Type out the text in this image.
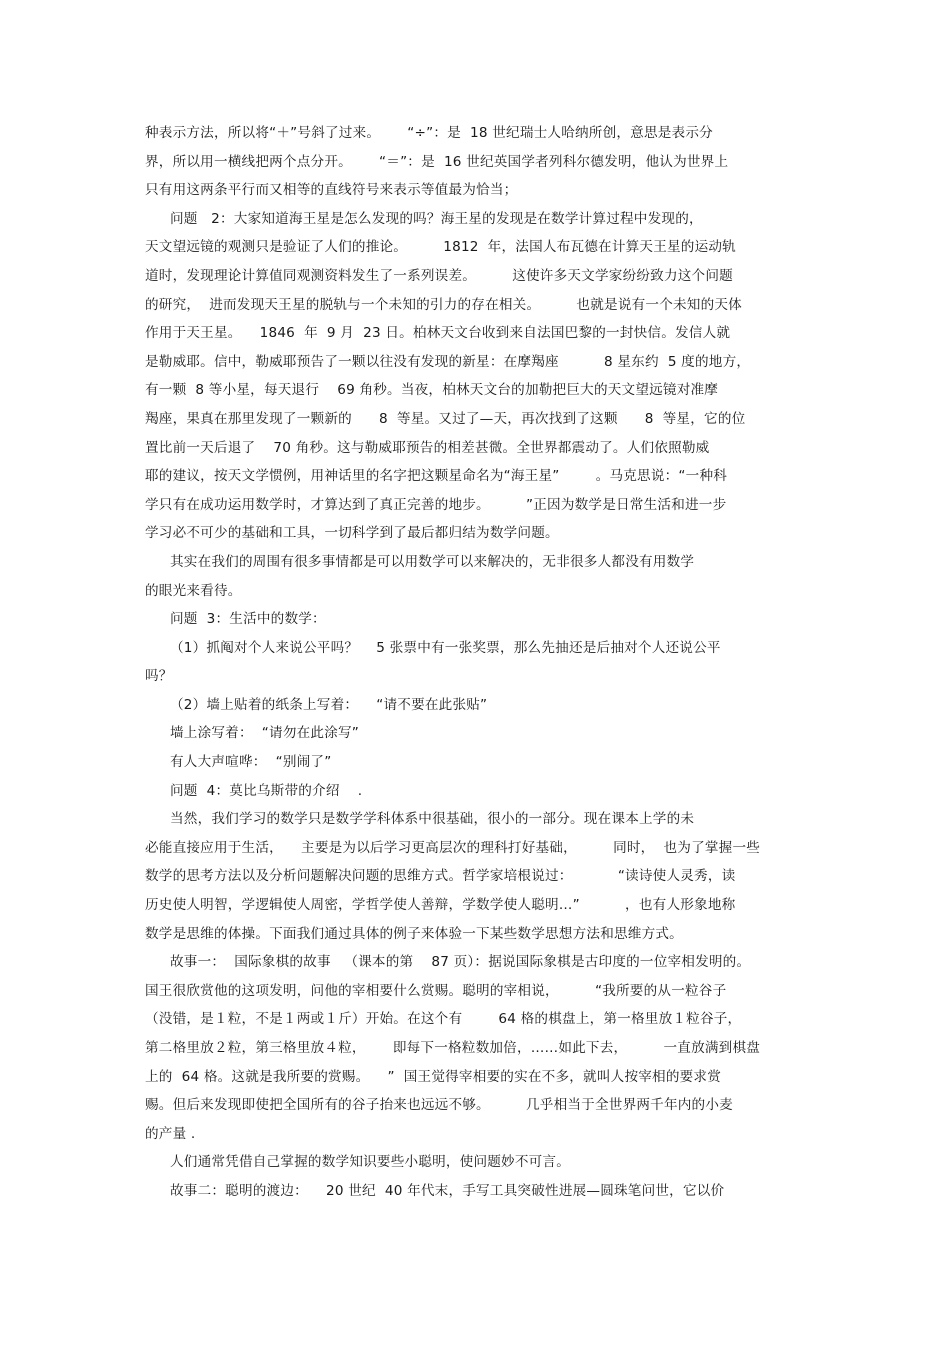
种表示方法，所以将“＋”号斜了过来。      “÷”：是  18 世纪瑞士人哈纳所创，意思是表示分
界，所以用一横线把两个点分开。      “＝”：是  16 世纪英国学者列科尔德发明，他认为世界上
只有用这两条平行而又相等的直线符号来表示等值最为恰当；
问题   2：大家知道海王星是怎么发现的吗？海王星的发现是在数学计算过程中发现的，
天文望远镜的观测只是验证了人们的推论。        1812  年，法国人布瓦德在计算天王星的运动轨
道时，发现理论计算值同观测资料发生了一系列误差。        这使许多天文学家纷纷致力这个问题
的研究，  进而发现天王星的脱轨与一个未知的引力的存在相关。        也就是说有一个未知的天体
作用于天王星。    1846  年  9 月  23 日。柏林天文台收到来自法国巴黎的一封快信。发信人就
是勒威耶。信中，勒威耶预告了一颗以往没有发现的新星：在摩羯座          8 星东约  5 度的地方，
有一颗  8 等小星，每天退行    69 角秒。当夜，柏林天文台的加勒把巨大的天文望远镜对准摩
羯座，果真在那里发现了一颗新的      8  等星。又过了—天，再次找到了这颗      8  等星，它的位
置比前一天后退了    70 角秒。这与勒威耶预告的相差甚微。全世界都震动了。人们依照勒威
耶的建议，按天文学惯例，用神话里的名字把这颗星命名为“海王星”        。马克思说：“一种科
学只有在成功运用数学时，才算达到了真正完善的地步。        ”正因为数学是日常生活和进一步
学习必不可少的基础和工具，一切科学到了最后都归结为数学问题。
其实在我们的周围有很多事情都是可以用数学可以来解决的，无非很多人都没有用数学
的眼光来看待。
问题  3：生活中的数学：
（1）抓阄对个人来说公平吗？    5 张票中有一张奖票，那么先抽还是后抽对个人还说公平
吗？
（2）墙上贴着的纸条上写着：    “请不要在此张贴”
墙上涂写着：  “请勿在此涂写”
有人大声喧哗：  “别闹了”
问题  4：莫比乌斯带的介绍    .
当然，我们学习的数学只是数学学科体系中很基础，很小的一部分。现在课本上学的未
必能直接应用于生活，    主要是为以后学习更高层次的理科打好基础，        同时，  也为了掌握一些
数学的思考方法以及分析问题解决问题的思维方式。哲学家培根说过：          “读诗使人灵秀，读
历史使人明智，学逻辑使人周密，学哲学使人善辩，学数学使人聪明…”          ，也有人形象地称
数学是思维的体操。下面我们通过具体的例子来体验一下某些数学思想方法和思维方式。
故事一：  国际象棋的故事   （课本的第    87 页）：据说国际象棋是古印度的一位宰相发明的。
国王很欣赏他的这项发明，问他的宰相要什么赏赐。聪明的宰相说，        “我所要的从一粒谷子
（没错，是１粒，不是１两或１斤）开始。在这个有        64 格的棋盘上，第一格里放１粒谷子，
第二格里放２粒，第三格里放４粒，      即每下一格粒数加倍，……如此下去，        一直放满到棋盘
上的  64 格。这就是我所要的赏赐。    ”  国王觉得宰相要的实在不多，就叫人按宰相的要求赏
赐。但后来发现即使把全国所有的谷子抬来也远远不够。        几乎相当于全世界两千年内的小麦
的产量 .
人们通常凭借自己掌握的数学知识要些小聪明，使问题妙不可言。
故事二：聪明的渡边：    20 世纪  40 年代末，手写工具突破性进展—圆珠笔问世，它以价
